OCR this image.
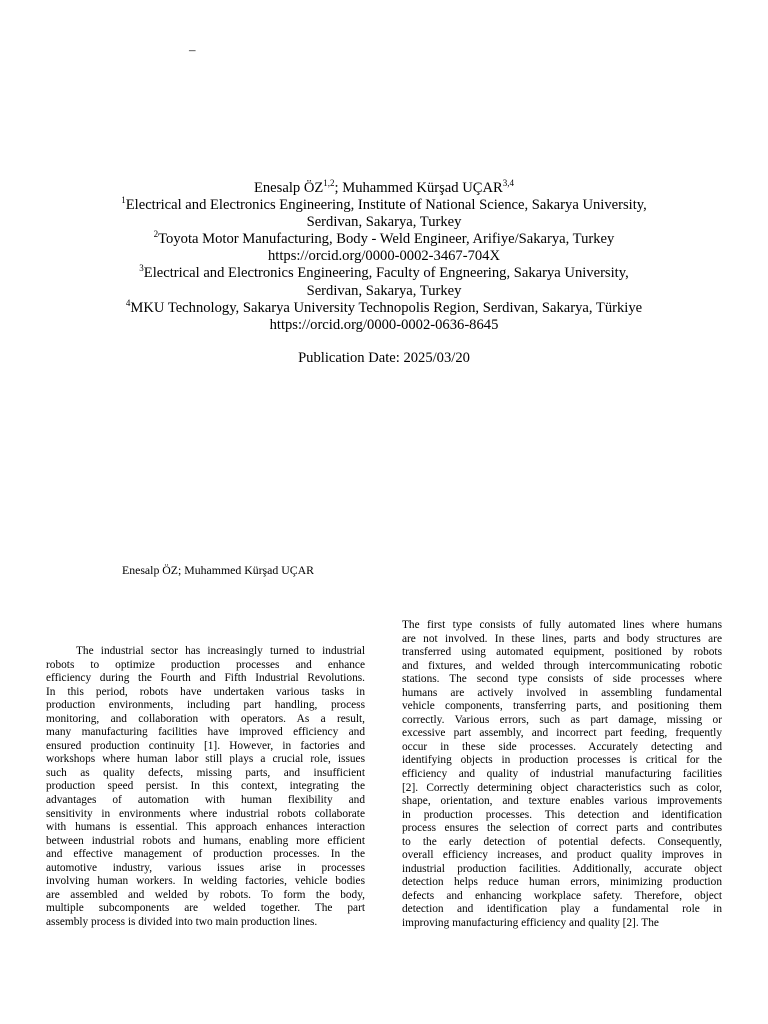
–
Enesalp ÖZ$^{1,2}$; Muhammed Kürşad UÇAR$^{3,4}$
$^1$Electrical and Electronics Engineering, Institute of National Science, Sakarya University,
Serdivan, Sakarya, Turkey
$^2$Toyota Motor Manufacturing, Body - Weld Engineer, Arifiye/Sakarya, Turkey
https://orcid.org/0000-0002-3467-704X
$^3$Electrical and Electronics Engineering, Faculty of Engneering, Sakarya University,
Serdivan, Sakarya, Turkey
$^4$MKU Technology, Sakarya University Technopolis Region, Serdivan, Sakarya, Türkiye
https://orcid.org/0000-0002-0636-8645
Publication Date: 2025/03/20
Enesalp ÖZ; Muhammed Kürşad UÇAR
The industrial sector has increasingly turned to industrial
robots to optimize production processes and enhance
efficiency during the Fourth and Fifth Industrial Revolutions.
In this period, robots have undertaken various tasks in
production environments, including part handling, process
monitoring, and collaboration with operators. As a result,
many manufacturing facilities have improved efficiency and
ensured production continuity [1]. However, in factories and
workshops where human labor still plays a crucial role, issues
such as quality defects, missing parts, and insufficient
production speed persist. In this context, integrating the
advantages of automation with human flexibility and
sensitivity in environments where industrial robots collaborate
with humans is essential. This approach enhances interaction
between industrial robots and humans, enabling more efficient
and effective management of production processes. In the
automotive industry, various issues arise in processes
involving human workers. In welding factories, vehicle bodies
are assembled and welded by robots. To form the body,
multiple subcomponents are welded together. The part
assembly process is divided into two main production lines.
The first type consists of fully automated lines where humans
are not involved. In these lines, parts and body structures are
transferred using automated equipment, positioned by robots
and fixtures, and welded through intercommunicating robotic
stations. The second type consists of side processes where
humans are actively involved in assembling fundamental
vehicle components, transferring parts, and positioning them
correctly. Various errors, such as part damage, missing or
excessive part assembly, and incorrect part feeding, frequently
occur in these side processes. Accurately detecting and
identifying objects in production processes is critical for the
efficiency and quality of industrial manufacturing facilities
[2]. Correctly determining object characteristics such as color,
shape, orientation, and texture enables various improvements
in production processes. This detection and identification
process ensures the selection of correct parts and contributes
to the early detection of potential defects. Consequently,
overall efficiency increases, and product quality improves in
industrial production facilities. Additionally, accurate object
detection helps reduce human errors, minimizing production
defects and enhancing workplace safety. Therefore, object
detection and identification play a fundamental role in
improving manufacturing efficiency and quality [2]. The
